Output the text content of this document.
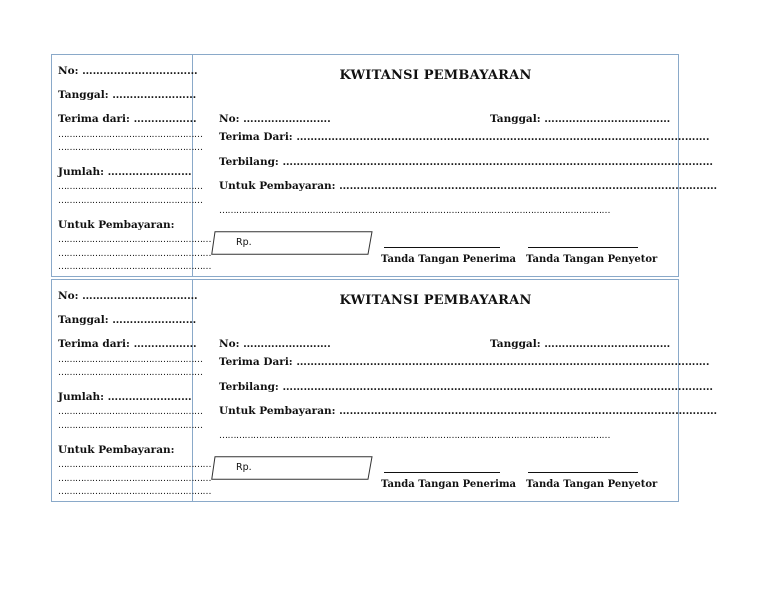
No: ……………………………
Tanggal: ……………………
Terima dari: ………………
……………………………………………
……………………………………………
Jumlah: ……………………
……………………………………………
……………………………………………
Untuk Pembayaran:
………………………………………………
………………………………………………
………………………………………………
KWITANSI PEMBAYARAN
No: …………………….	Tanggal: ………………………………
Terima Dari: ……………………………………………………………………………………………………….
Terbilang: ……………………………………………………………………………………………………………
Untuk Pembayaran: ………………………………………………………………………………………………
…………………………………………………………………………………………………………………………
Rp.
Tanda Tangan Penerima Tanda Tangan Penyetor
No: ……………………………
Tanggal: ……………………
Terima dari: ………………
……………………………………………
……………………………………………
Jumlah: ……………………
……………………………………………
……………………………………………
Untuk Pembayaran:
………………………………………………
………………………………………………
………………………………………………
KWITANSI PEMBAYARAN
No: …………………….	Tanggal: ………………………………
Terima Dari: ……………………………………………………………………………………………………….
Terbilang: ……………………………………………………………………………………………………………
Untuk Pembayaran: ………………………………………………………………………………………………
…………………………………………………………………………………………………………………………
Rp.
Tanda Tangan Penerima Tanda Tangan Penyetor
